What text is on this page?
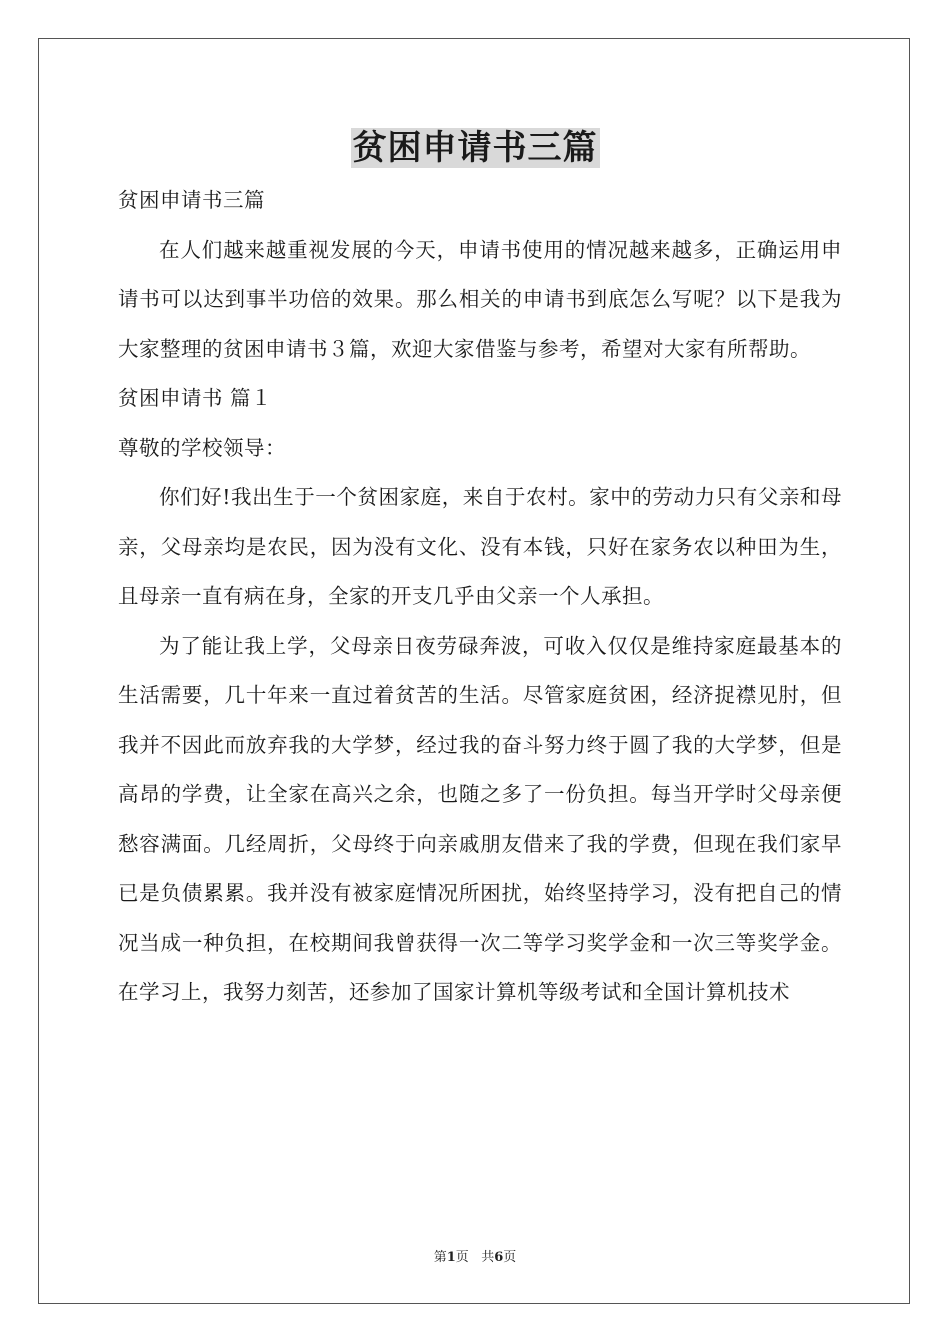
贫困申请书三篇

贫困申请书三篇

在人们越来越重视发展的今天，申请书使用的情况越来越多，正确运用申请书可以达到事半功倍的效果。那么相关的申请书到底怎么写呢？以下是我为大家整理的贫困申请书３篇，欢迎大家借鉴与参考，希望对大家有所帮助。

贫困申请书 篇１

尊敬的学校领导：

你们好!我出生于一个贫困家庭，来自于农村。家中的劳动力只有父亲和母亲，父母亲均是农民，因为没有文化、没有本钱，只好在家务农以种田为生，且母亲一直有病在身，全家的开支几乎由父亲一个人承担。

为了能让我上学，父母亲日夜劳碌奔波，可收入仅仅是维持家庭最基本的生活需要，几十年来一直过着贫苦的生活。尽管家庭贫困，经济捉襟见肘，但我并不因此而放弃我的大学梦，经过我的奋斗努力终于圆了我的大学梦，但是高昂的学费，让全家在高兴之余，也随之多了一份负担。每当开学时父母亲便愁容满面。几经周折，父母终于向亲戚朋友借来了我的学费，但现在我们家早已是负债累累。我并没有被家庭情况所困扰，始终坚持学习，没有把自己的情况当成一种负担，在校期间我曾获得一次二等学习奖学金和一次三等奖学金。在学习上，我努力刻苦，还参加了国家计算机等级考试和全国计算机技术

第1页 共6页
